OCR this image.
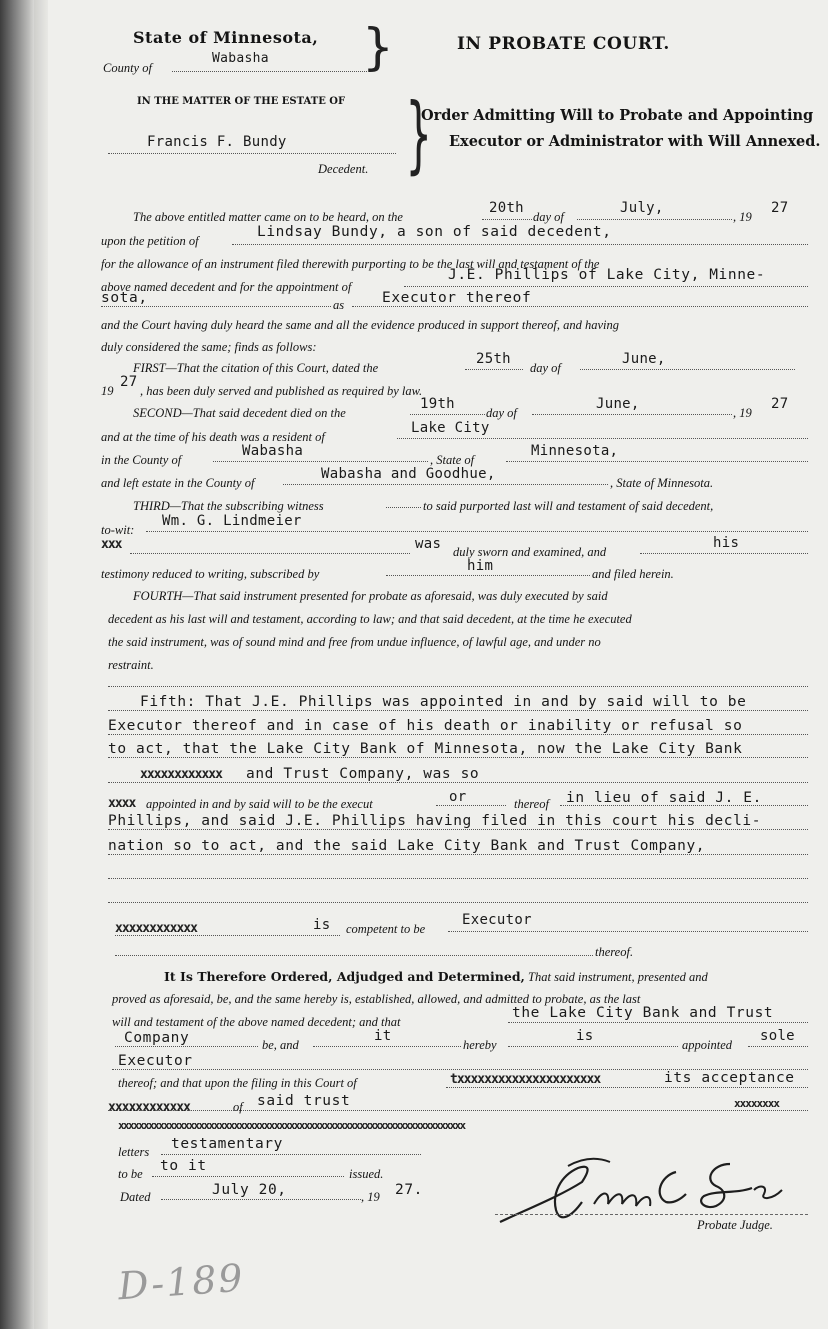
State of Minnesota,
County of
Wabasha }	IN PROBATE COURT.
IN THE MATTER OF THE ESTATE OF
Francis F. Bundy
Decedent. }
Order Admitting Will to Probate and Appointing
Executor or Administrator with Will Annexed.
The above entitled matter came on to be heard, on the
20th
day of
July,
, 19
27
upon the petition of
Lindsay Bundy, a son of said decedent,
for the allowance of an instrument filed therewith purporting to be the last will and testament of the
above named decedent and for the appointment of
J.E. Phillips of Lake City, Minne-
sota,	as	Executor thereof
and the Court having duly heard the same and all the evidence produced in support thereof, and having
duly considered the same; finds as follows:
FIRST—That the citation of this Court, dated the
25th
day of
June,
19
27
, has been duly served and published as required by law.
SECOND—That said decedent died on the
19th
day of
June,
, 19
27
and at the time of his death was a resident of
Lake City
in the County of
Wabasha
, State of
Minnesota,
and left estate in the County of
Wabasha and Goodhue,
, State of Minnesota.
THIRD—That the subscribing witness	to said purported last will and testament of said decedent,
to-wit:
Wm. G. Lindmeier
xxx	was duly sworn and examined, and
his
testimony reduced to writing, subscribed by	him	and filed herein.
FOURTH—That said instrument presented for probate as aforesaid, was duly executed by said
decedent as his last will and testament, according to law; and that said decedent, at the time he executed
the said instrument, was of sound mind and free from undue influence, of lawful age, and under no
restraint.
Fifth: That J.E. Phillips was appointed in and by said will to be
Executor thereof and in case of his death or inability or refusal so
to act, that the Lake City Bank of Minnesota, now the Lake City Bank
xxxxxxxxxxxx and Trust Company, was so
xxxx appointed in and by said will to be the execut	or	thereof in lieu of said J. E.
Phillips, and said J.E. Phillips having filed in this court his decli-
nation so to act, and the said Lake City Bank and Trust Company,
xxxxxxxxxxxx	is competent to be
Executor
thereof.
It Is Therefore Ordered, Adjudged and Determined, That said instrument, presented and
proved as aforesaid, be, and the same hereby is, established, allowed, and admitted to probate, as the last
will and testament of the above named decedent; and that
the Lake City Bank and Trust
Company	be, and
it
hereby
is
appointed
sole
Executor
thereof; and that upon the filing in this Court of	txxxxxxxxxxxxxxxxxxxxx	its acceptance
xxxxxxxx
xxxxxxxxxxxx	of said trust
xxxxxxxxxxxxxxxxxxxxxxxxxxxxxxxxxxxxxxxxxxxxxxxxxxxxxxxxxxxxxxxxxxxxx
letters testamentary
to be to it	issued.
Dated	July 20,	, 19 27.
Probate Judge.
D-189
